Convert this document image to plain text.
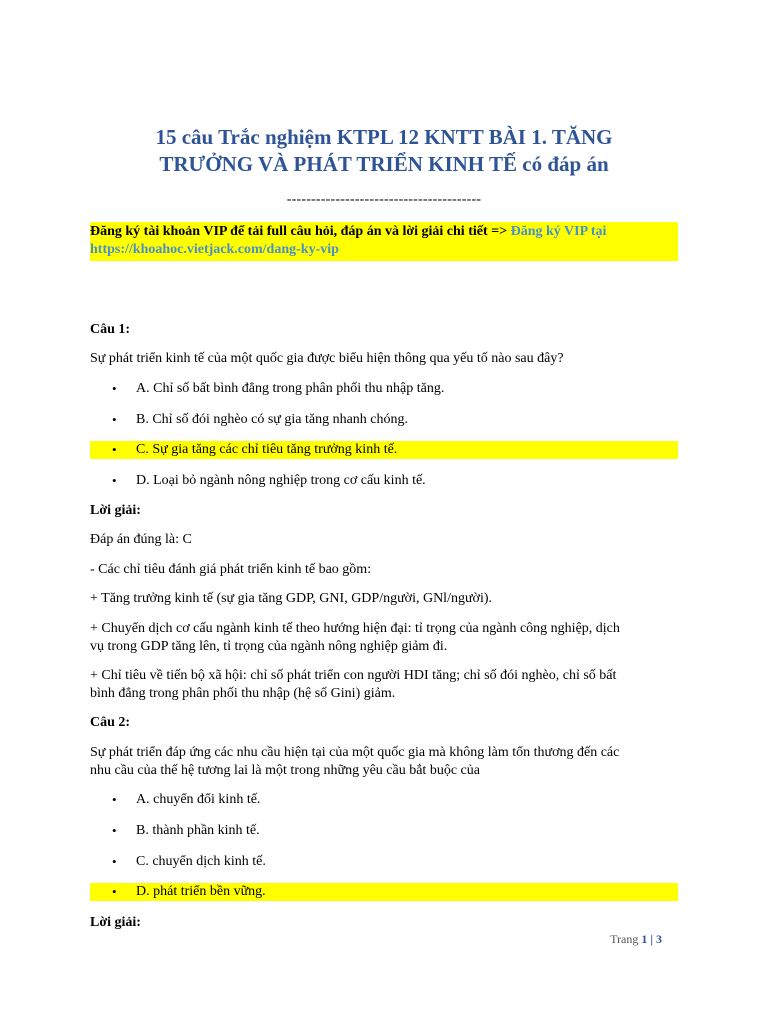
15 câu Trắc nghiệm KTPL 12 KNTT BÀI 1. TĂNG
TRƯỞNG VÀ PHÁT TRIỂN KINH TẾ có đáp án
----------------------------------------
Đăng ký tài khoản VIP để tải full câu hỏi, đáp án và lời giải chi tiết => Đăng ký VIP tại
https://khoahoc.vietjack.com/dang-ky-vip
Câu 1:
Sự phát triển kinh tế của một quốc gia được biểu hiện thông qua yếu tố nào sau đây?
• A. Chỉ số bất bình đẳng trong phân phối thu nhập tăng.
• B. Chỉ số đói nghèo có sự gia tăng nhanh chóng.
• C. Sự gia tăng các chỉ tiêu tăng trưởng kinh tế.
• D. Loại bỏ ngành nông nghiệp trong cơ cấu kinh tế.
Lời giải:
Đáp án đúng là: C
- Các chỉ tiêu đánh giá phát triển kinh tế bao gồm:
+ Tăng trưởng kinh tế (sự gia tăng GDP, GNI, GDP/người, GNl/người).
+ Chuyển dịch cơ cấu ngành kinh tế theo hướng hiện đại: tỉ trọng của ngành công nghiệp, dịch
vụ trong GDP tăng lên, tỉ trọng của ngành nông nghiệp giảm đi.
+ Chỉ tiêu về tiến bộ xã hội: chỉ số phát triển con người HDI tăng; chỉ số đói nghèo, chỉ số bất
bình đẳng trong phân phối thu nhập (hệ số Gini) giảm.
Câu 2:
Sự phát triển đáp ứng các nhu cầu hiện tại của một quốc gia mà không làm tổn thương đến các
nhu cầu của thế hệ tương lai là một trong những yêu cầu bắt buộc của
• A. chuyển đổi kinh tế.
• B. thành phần kinh tế.
• C. chuyển dịch kinh tế.
• D. phát triển bền vững.
Lời giải:
Trang 1 | 3
